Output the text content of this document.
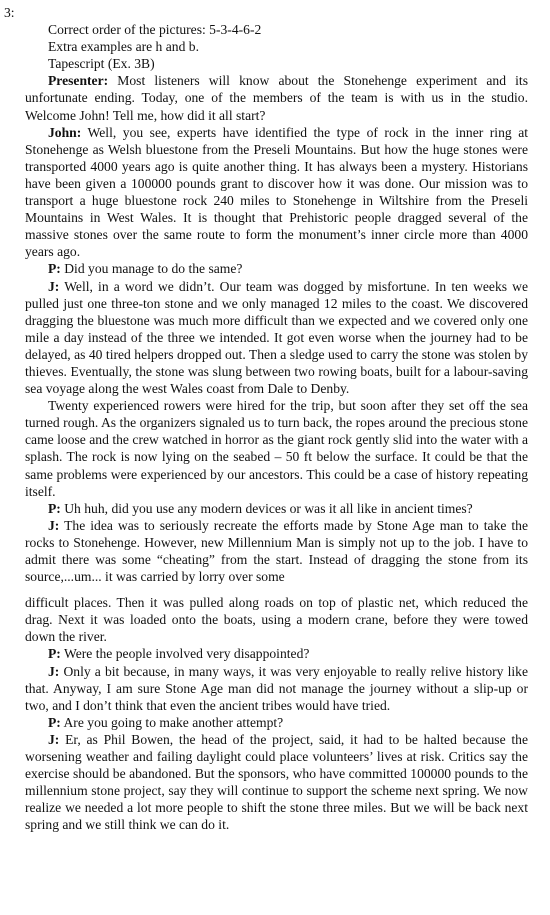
3:

Correct order of the pictures: 5-3-4-6-2

Extra examples are h and b.

Tapescript (Ex. 3B)

Presenter: Most listeners will know about the Stonehenge experiment and its unfortunate ending. Today, one of the members of the team is with us in the studio. Welcome John! Tell me, how did it all start?

John: Well, you see, experts have identified the type of rock in the inner ring at Stonehenge as Welsh bluestone from the Preseli Mountains. But how the huge stones were transported 4000 years ago is quite another thing. It has always been a mystery. Historians have been given a 100000 pounds grant to discover how it was done. Our mission was to transport a huge bluestone rock 240 miles to Stonehenge in Wiltshire from the Preseli Mountains in West Wales. It is thought that Prehistoric people dragged several of the massive stones over the same route to form the monument’s inner circle more than 4000 years ago.

P: Did you manage to do the same?

J: Well, in a word we didn’t. Our team was dogged by misfortune. In ten weeks we pulled just one three-ton stone and we only managed 12 miles to the coast. We discovered dragging the bluestone was much more difficult than we expected and we covered only one mile a day instead of the three we intended. It got even worse when the journey had to be delayed, as 40 tired helpers dropped out. Then a sledge used to carry the stone was stolen by thieves. Eventually, the stone was slung between two rowing boats, built for a labour-saving sea voyage along the west Wales coast from Dale to Denby.

Twenty experienced rowers were hired for the trip, but soon after they set off the sea turned rough. As the organizers signaled us to turn back, the ropes around the precious stone came loose and the crew watched in horror as the giant rock gently slid into the water with a splash. The rock is now lying on the seabed – 50 ft below the surface. It could be that the same problems were experienced by our ancestors. This could be a case of history repeating itself.

P: Uh huh, did you use any modern devices or was it all like in ancient times?

J: The idea was to seriously recreate the efforts made by Stone Age man to take the rocks to Stonehenge. However, new Millennium Man is simply not up to the job. I have to admit there was some “cheating” from the start. Instead of dragging the stone from its source,...um... it was carried by lorry over some

difficult places. Then it was pulled along roads on top of plastic net, which reduced the drag. Next it was loaded onto the boats, using a modern crane, before they were towed down the river.

P: Were the people involved very disappointed?

J: Only a bit because, in many ways, it was very enjoyable to really relive history like that. Anyway, I am sure Stone Age man did not manage the journey without a slip-up or two, and I don’t think that even the ancient tribes would have tried.

P: Are you going to make another attempt?

J: Er, as Phil Bowen, the head of the project, said, it had to be halted because the worsening weather and failing daylight could place volunteers’ lives at risk. Critics say the exercise should be abandoned. But the sponsors, who have committed 100000 pounds to the millennium stone project, say they will continue to support the scheme next spring. We now realize we needed a lot more people to shift the stone three miles. But we will be back next spring and we still think we can do it.
